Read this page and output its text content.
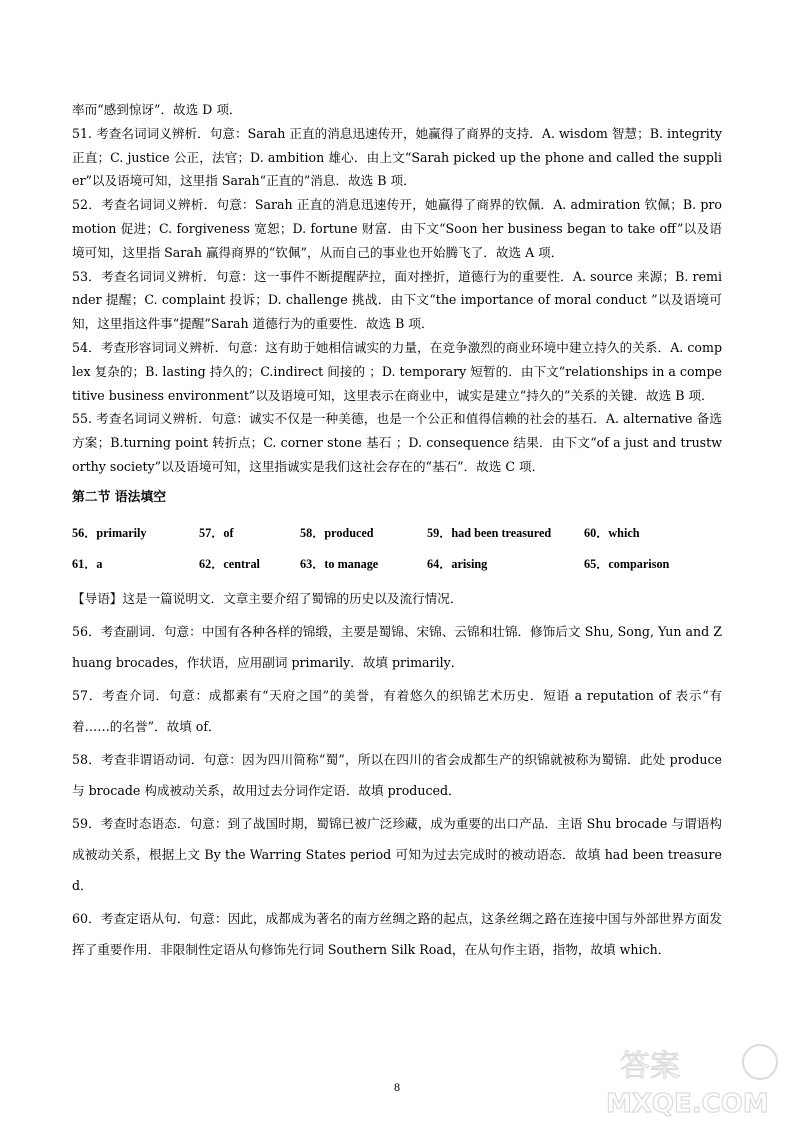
率而“感到惊讶”．故选 D 项．

51. 考查名词词义辨析．句意：Sarah 正直的消息迅速传开，她赢得了商界的支持．A. wisdom 智慧；B. integrity 正直；C. justice 公正，法官；D. ambition 雄心．由上文“Sarah picked up the phone and called the supplier”以及语境可知，这里指 Sarah“正直的”消息．故选 B 项．

52．考查名词词义辨析．句意：Sarah 正直的消息迅速传开，她赢得了商界的钦佩．A. admiration 钦佩；B. promotion 促进；C. forgiveness 宽恕；D. fortune 财富．由下文“Soon her business began to take off”以及语境可知，这里指 Sarah 赢得商界的“钦佩”，从而自己的事业也开始腾飞了．故选 A 项．

53．考查名词词义辨析．句意：这一事件不断提醒萨拉，面对挫折，道德行为的重要性．A. source 来源；B. reminder 提醒；C. complaint 投诉；D. challenge 挑战．由下文“the importance of moral conduct ”以及语境可知，这里指这件事“提醒”Sarah 道德行为的重要性．故选 B 项．

54．考查形容词词义辨析．句意：这有助于她相信诚实的力量，在竞争激烈的商业环境中建立持久的关系．A. complex 复杂的；B. lasting 持久的；C.indirect 间接的 ；D. temporary 短暂的．由下文“relationships in a competitive business environment”以及语境可知，这里表示在商业中，诚实是建立“持久的”关系的关键．故选 B 项．

55. 考查名词词义辨析．句意：诚实不仅是一种美德，也是一个公正和值得信赖的社会的基石．A. alternative 备选方案；B.turning point 转折点；C. corner stone 基石 ；D. consequence 结果．由下文“of a just and trustworthy society”以及语境可知，这里指诚实是我们这社会存在的“基石”．故选 C 项．

第二节 语法填空
56．primarily	57．of	58．produced	59．had been treasured	60．which
61．a	62．central	63．to manage	64．arising	65．comparison

【导语】这是一篇说明文．文章主要介绍了蜀锦的历史以及流行情况．

56．考查副词．句意：中国有各种各样的锦缎，主要是蜀锦、宋锦、云锦和壮锦．修饰后文 Shu, Song, Yun and Zhuang brocades，作状语，应用副词 primarily．故填 primarily．

57．考查介词．句意：成都素有“天府之国”的美誉，有着悠久的织锦艺术历史．短语 a reputation of 表示“有着……的名誉”．故填 of．

58．考查非谓语动词．句意：因为四川简称“蜀”，所以在四川的省会成都生产的织锦就被称为蜀锦．此处 produce 与 brocade 构成被动关系，故用过去分词作定语．故填 produced．

59．考查时态语态．句意：到了战国时期，蜀锦已被广泛珍藏，成为重要的出口产品．主语 Shu brocade 与谓语构成被动关系，根据上文 By the Warring States period 可知为过去完成时的被动语态．故填 had been treasured．

60．考查定语从句．句意：因此，成都成为著名的南方丝绸之路的起点，这条丝绸之路在连接中国与外部世界方面发挥了重要作用．非限制性定语从句修饰先行词 Southern Silk Road，在从句作主语，指物，故填 which．

8
答案
MXQE.COM
